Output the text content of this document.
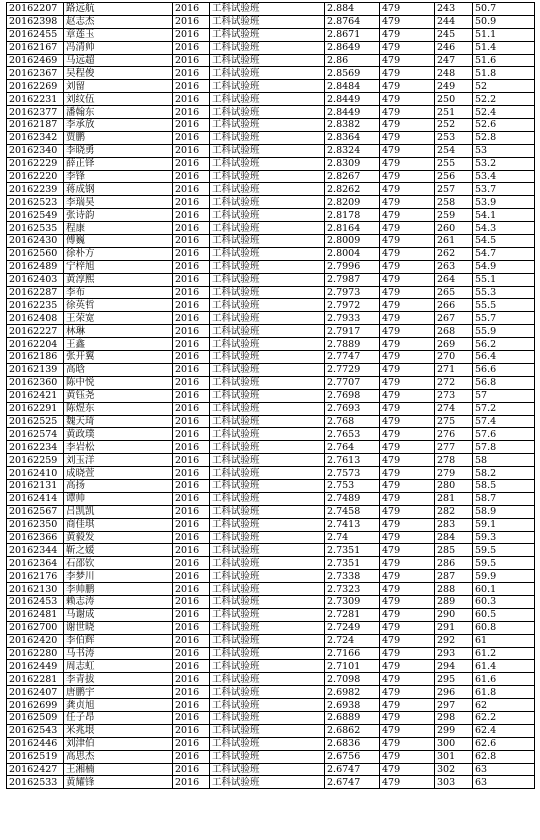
20162207	路远航	2016	工科试验班	2.884	479	243	50.7	
20162398	赵志杰	2016	工科试验班	2.8764	479	244	50.9	
20162455	章莲玉	2016	工科试验班	2.8671	479	245	51.1	
20162167	冯清帅	2016	工科试验班	2.8649	479	246	51.4	
20162469	马远超	2016	工科试验班	2.86	479	247	51.6	
20162367	吴程俊	2016	工科试验班	2.8569	479	248	51.8	
20162269	刘留	2016	工科试验班	2.8484	479	249	52	
20162231	刘纹伍	2016	工科试验班	2.8449	479	250	52.2	
20162377	潘翰东	2016	工科试验班	2.8449	479	251	52.4	
20162187	李承放	2016	工科试验班	2.8382	479	252	52.6	
20162342	贾鹏	2016	工科试验班	2.8364	479	253	52.8	
20162340	李晓勇	2016	工科试验班	2.8324	479	254	53	
20162229	薛正铎	2016	工科试验班	2.8309	479	255	53.2	
20162220	李锋	2016	工科试验班	2.8267	479	256	53.4	
20162239	蒋成钢	2016	工科试验班	2.8262	479	257	53.7	
20162523	李瑞昊	2016	工科试验班	2.8209	479	258	53.9	
20162549	张诗韵	2016	工科试验班	2.8178	479	259	54.1	
20162535	程康	2016	工科试验班	2.8164	479	260	54.3	
20162430	傅巍	2016	工科试验班	2.8009	479	261	54.5	
20162560	徐朴方	2016	工科试验班	2.8004	479	262	54.7	
20162489	宁梓旭	2016	工科试验班	2.7996	479	263	54.9	
20162403	黄淳熙	2016	工科试验班	2.7987	479	264	55.1	
20162287	李布	2016	工科试验班	2.7973	479	265	55.3	
20162235	徐英哲	2016	工科试验班	2.7972	479	266	55.5	
20162408	王荣宽	2016	工科试验班	2.7933	479	267	55.7	
20162227	林琳	2016	工科试验班	2.7917	479	268	55.9	
20162204	王鑫	2016	工科试验班	2.7889	479	269	56.2	
20162186	张开翼	2016	工科试验班	2.7747	479	270	56.4	
20162139	高晗	2016	工科试验班	2.7729	479	271	56.6	
20162360	陈中悦	2016	工科试验班	2.7707	479	272	56.8	
20162421	黄钰尧	2016	工科试验班	2.7698	479	273	57	
20162291	陈煜东	2016	工科试验班	2.7693	479	274	57.2	
20162525	魏天琦	2016	工科试验班	2.768	479	275	57.4	
20162574	黄政璞	2016	工科试验班	2.7653	479	276	57.6	
20162234	李岩松	2016	工科试验班	2.764	479	277	57.8	
20162259	刘玉洋	2016	工科试验班	2.7613	479	278	58	
20162410	成晓萱	2016	工科试验班	2.7573	479	279	58.2	
20162131	高扬	2016	工科试验班	2.753	479	280	58.5	
20162414	谭帅	2016	工科试验班	2.7489	479	281	58.7	
20162567	吕凯凯	2016	工科试验班	2.7458	479	282	58.9	
20162350	商佳琪	2016	工科试验班	2.7413	479	283	59.1	
20162366	黄毅发	2016	工科试验班	2.74	479	284	59.3	
20162344	靳之媛	2016	工科试验班	2.7351	479	285	59.5	
20162364	石邵钦	2016	工科试验班	2.7351	479	286	59.5	
20162176	李梦川	2016	工科试验班	2.7338	479	287	59.9	
20162130	李帅鹏	2016	工科试验班	2.7323	479	288	60.1	
20162453	赖志涛	2016	工科试验班	2.7309	479	289	60.3	
20162481	马谢成	2016	工科试验班	2.7281	479	290	60.5	
20162700	谢世晓	2016	工科试验班	2.7249	479	291	60.8	
20162420	李伯辉	2016	工科试验班	2.724	479	292	61	
20162280	马书涛	2016	工科试验班	2.7166	479	293	61.2	
20162449	周志虹	2016	工科试验班	2.7101	479	294	61.4	
20162281	李青拔	2016	工科试验班	2.7098	479	295	61.6	
20162407	唐鹏宇	2016	工科试验班	2.6982	479	296	61.8	
20162699	龚贞旭	2016	工科试验班	2.6938	479	297	62	
20162509	任子昂	2016	工科试验班	2.6889	479	298	62.2	
20162543	米兆垠	2016	工科试验班	2.6862	479	299	62.4	
20162446	刘津伯	2016	工科试验班	2.6836	479	300	62.6	
20162519	高思杰	2016	工科试验班	2.6756	479	301	62.8	
20162427	王湘楠	2016	工科试验班	2.6747	479	302	63	
20162533	黄耀锋	2016	工科试验班	2.6747	479	303	63	
